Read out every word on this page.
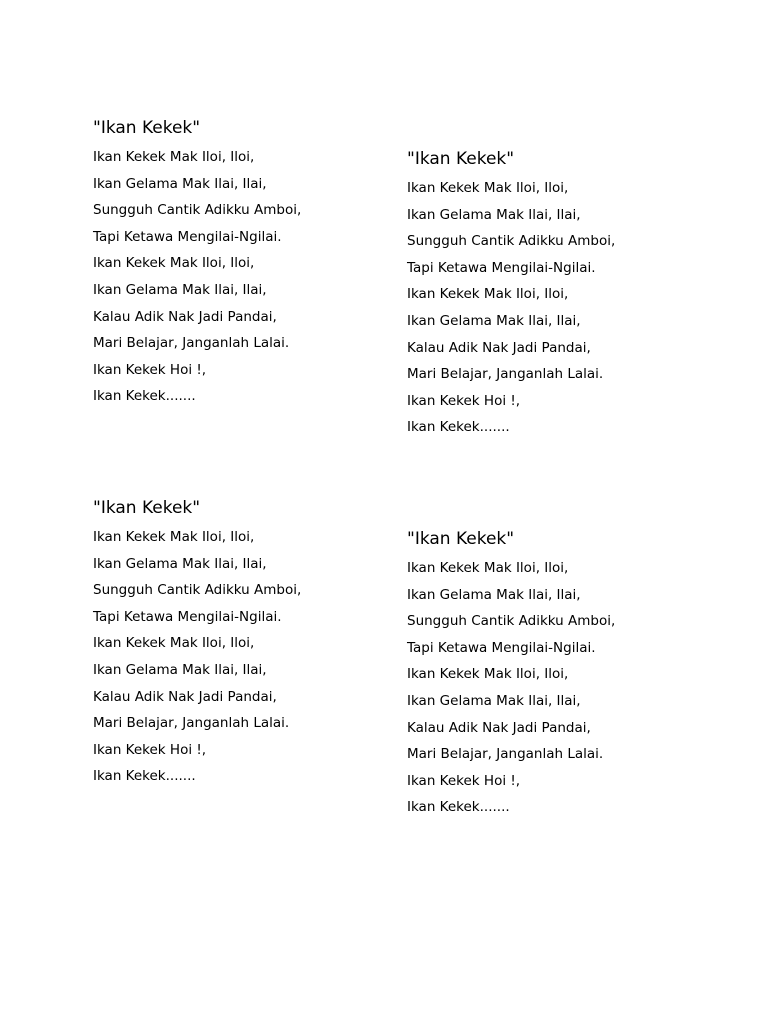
"Ikan Kekek"
Ikan Kekek Mak Iloi, Iloi,
Ikan Gelama Mak Ilai, Ilai,
Sungguh Cantik Adikku Amboi,
Tapi Ketawa Mengilai-Ngilai.
Ikan Kekek Mak Iloi, Iloi,
Ikan Gelama Mak Ilai, Ilai,
Kalau Adik Nak Jadi Pandai,
Mari Belajar, Janganlah Lalai.
Ikan Kekek Hoi !,
Ikan Kekek.......
"Ikan Kekek"
Ikan Kekek Mak Iloi, Iloi,
Ikan Gelama Mak Ilai, Ilai,
Sungguh Cantik Adikku Amboi,
Tapi Ketawa Mengilai-Ngilai.
Ikan Kekek Mak Iloi, Iloi,
Ikan Gelama Mak Ilai, Ilai,
Kalau Adik Nak Jadi Pandai,
Mari Belajar, Janganlah Lalai.
Ikan Kekek Hoi !,
Ikan Kekek.......
"Ikan Kekek"
Ikan Kekek Mak Iloi, Iloi,
Ikan Gelama Mak Ilai, Ilai,
Sungguh Cantik Adikku Amboi,
Tapi Ketawa Mengilai-Ngilai.
Ikan Kekek Mak Iloi, Iloi,
Ikan Gelama Mak Ilai, Ilai,
Kalau Adik Nak Jadi Pandai,
Mari Belajar, Janganlah Lalai.
Ikan Kekek Hoi !,
Ikan Kekek.......
"Ikan Kekek"
Ikan Kekek Mak Iloi, Iloi,
Ikan Gelama Mak Ilai, Ilai,
Sungguh Cantik Adikku Amboi,
Tapi Ketawa Mengilai-Ngilai.
Ikan Kekek Mak Iloi, Iloi,
Ikan Gelama Mak Ilai, Ilai,
Kalau Adik Nak Jadi Pandai,
Mari Belajar, Janganlah Lalai.
Ikan Kekek Hoi !,
Ikan Kekek.......
